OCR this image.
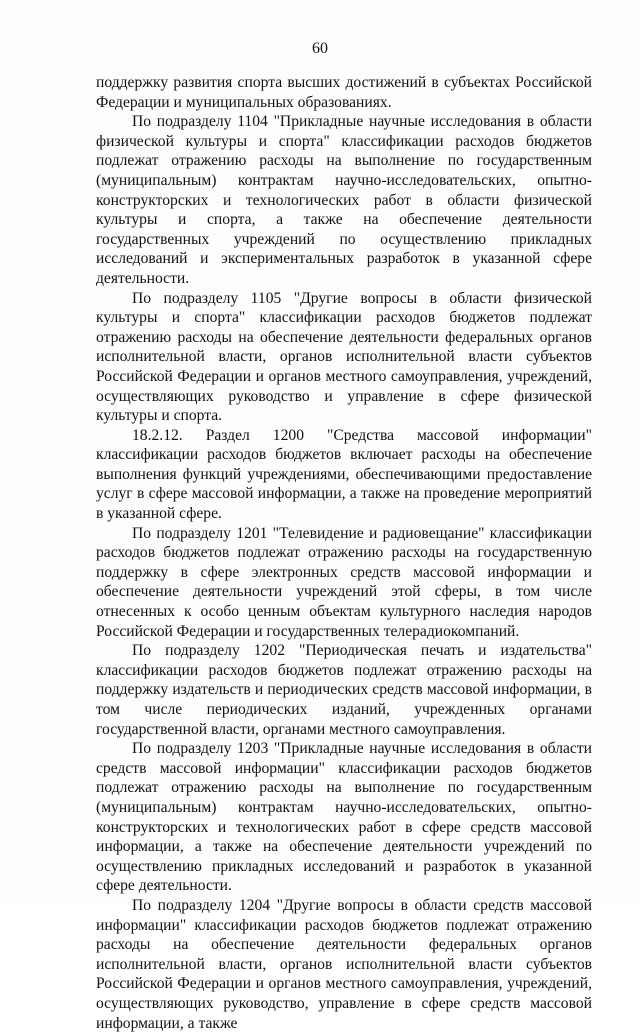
60

поддержку развития спорта высших достижений в субъектах Российской Федерации и муниципальных образованиях.

По подразделу 1104 "Прикладные научные исследования в области физической культуры и спорта" классификации расходов бюджетов подлежат отражению расходы на выполнение по государственным (муниципальным) контрактам научно-исследовательских, опытно-конструкторских и технологических работ в области физической культуры и спорта, а также на обеспечение деятельности государственных учреждений по осуществлению прикладных исследований и экспериментальных разработок в указанной сфере деятельности.

По подразделу 1105 "Другие вопросы в области физической культуры и спорта" классификации расходов бюджетов подлежат отражению расходы на обеспечение деятельности федеральных органов исполнительной власти, органов исполнительной власти субъектов Российской Федерации и органов местного самоуправления, учреждений, осуществляющих руководство и управление в сфере физической культуры и спорта.

18.2.12. Раздел 1200 "Средства массовой информации" классификации расходов бюджетов включает расходы на обеспечение выполнения функций учреждениями, обеспечивающими предоставление услуг в сфере массовой информации, а также на проведение мероприятий в указанной сфере.

По подразделу 1201 "Телевидение и радиовещание" классификации расходов бюджетов подлежат отражению расходы на государственную поддержку в сфере электронных средств массовой информации и обеспечение деятельности учреждений этой сферы, в том числе отнесенных к особо ценным объектам культурного наследия народов Российской Федерации и государственных телерадиокомпаний.

По подразделу 1202 "Периодическая печать и издательства" классификации расходов бюджетов подлежат отражению расходы на поддержку издательств и периодических средств массовой информации, в том числе периодических изданий, учрежденных органами государственной власти, органами местного самоуправления.

По подразделу 1203 "Прикладные научные исследования в области средств массовой информации" классификации расходов бюджетов подлежат отражению расходы на выполнение по государственным (муниципальным) контрактам научно-исследовательских, опытно-конструкторских и технологических работ в сфере средств массовой информации, а также на обеспечение деятельности учреждений по осуществлению прикладных исследований и разработок в указанной сфере деятельности.

По подразделу 1204 "Другие вопросы в области средств массовой информации" классификации расходов бюджетов подлежат отражению расходы на обеспечение деятельности федеральных органов исполнительной власти, органов исполнительной власти субъектов Российской Федерации и органов местного самоуправления, учреждений, осуществляющих руководство, управление в сфере средств массовой информации, а также
